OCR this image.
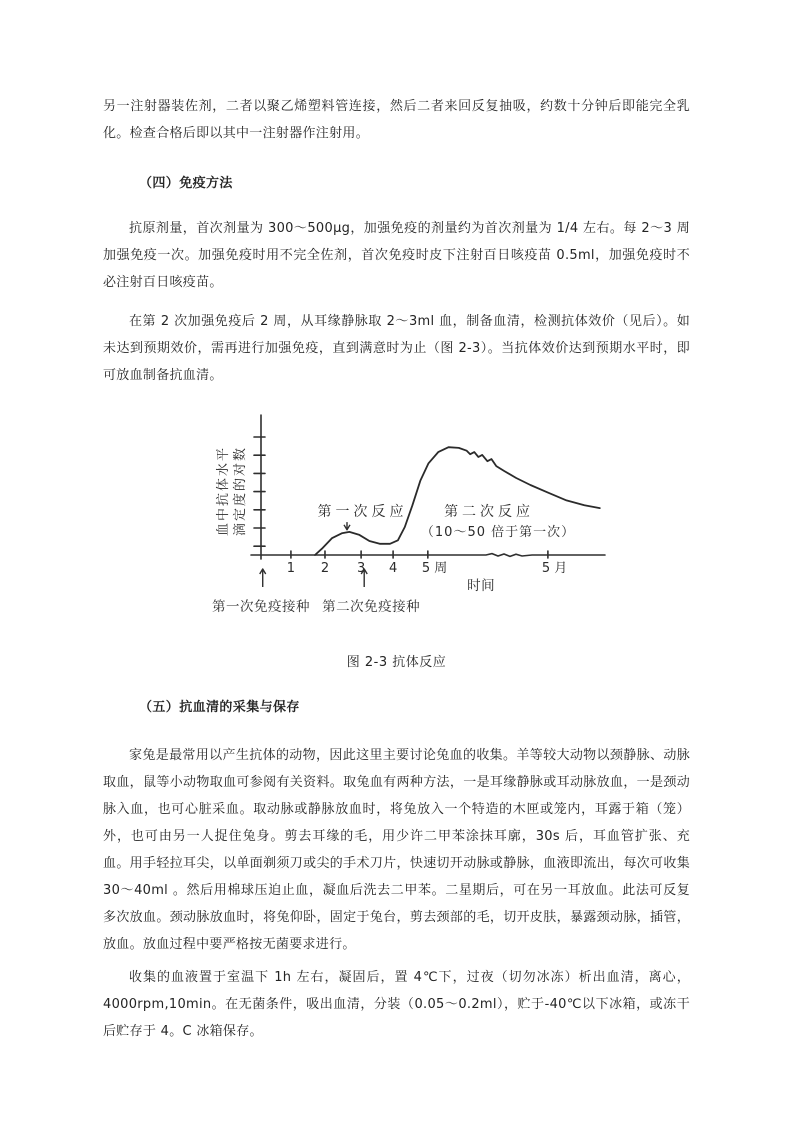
另一注射器装佐剂，二者以聚乙烯塑料管连接，然后二者来回反复抽吸，约数十分钟后即能完全乳化。检查合格后即以其中一注射器作注射用。

（四）免疫方法

抗原剂量，首次剂量为 300～500μg，加强免疫的剂量约为首次剂量为 1/4 左右。每 2～3 周加强免疫一次。加强免疫时用不完全佐剂，首次免疫时皮下注射百日咳疫苗 0.5ml，加强免疫时不必注射百日咳疫苗。

在第 2 次加强免疫后 2 周，从耳缘静脉取 2～3ml 血，制备血清，检测抗体效价（见后）。如未达到预期效价，需再进行加强免疫，直到满意时为止（图 2-3）。当抗体效价达到预期水平时，即可放血制备抗血清。

1 2 3 4 5 周	5 月
第一次反应	第二次反应
（10～50 倍于第一次）
第一次免疫接种 第二次免疫接种
时间
血中抗体水平 滴定度的对数

图 2-3 抗体反应

（五）抗血清的采集与保存

家兔是最常用以产生抗体的动物，因此这里主要讨论兔血的收集。羊等较大动物以颈静脉、动脉取血，鼠等小动物取血可参阅有关资料。取兔血有两种方法，一是耳缘静脉或耳动脉放血，一是颈动脉入血，也可心脏采血。取动脉或静脉放血时，将兔放入一个特造的木匣或笼内，耳露于箱（笼）外，也可由另一人捉住兔身。剪去耳缘的毛，用少许二甲苯涂抹耳廓，30s 后，耳血管扩张、充血。用手轻拉耳尖，以单面剃须刀或尖的手术刀片，快速切开动脉或静脉，血液即流出，每次可收集 30～40ml 。然后用棉球压迫止血，凝血后洗去二甲苯。二星期后，可在另一耳放血。此法可反复多次放血。颈动脉放血时，将兔仰卧，固定于兔台，剪去颈部的毛，切开皮肤，暴露颈动脉，插管，放血。放血过程中要严格按无菌要求进行。

收集的血液置于室温下 1h 左右，凝固后，置 4℃下，过夜（切勿冰冻）析出血清，离心，4000rpm,10min。在无菌条件，吸出血清，分装（0.05～0.2ml），贮于-40℃以下冰箱，或冻干后贮存于 4。C 冰箱保存。
